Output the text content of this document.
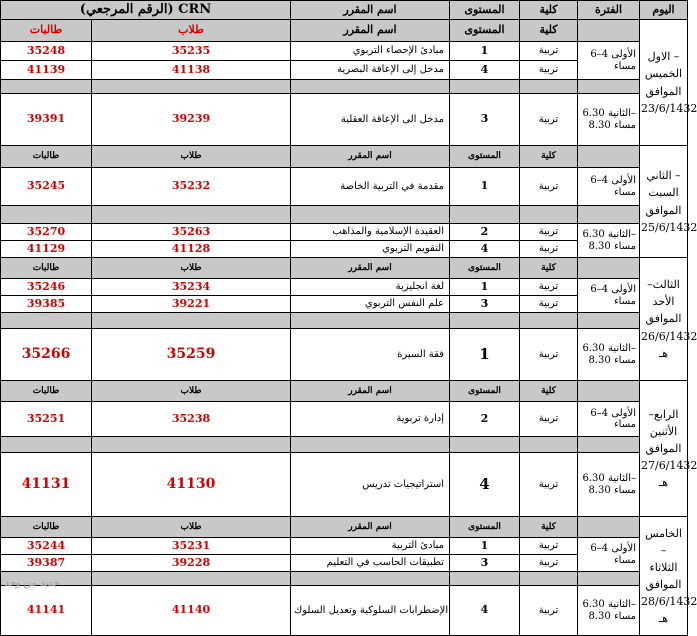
(الرقم المرجعي) CRN		اسم المقرر	المستوى	كلية	الفترة	اليوم
طالبات	طلاب	اسم المقرر	المستوى	كلية		الاول –
الخميس
الموافق
23/6/1432

35248	35235	مبادئ الإحصاء التربوي	1	تربية	الأولى 4–6
مساء	

41139	41138	مدخل إلى الإعاقة البصرية	4	تربية		

39391	39239	مدخل الى الإعاقة العقلية	3	تربية	الثانية 6.30–
8.30 مساء	

طالبات	طلاب	اسم المقرر	المستوى	كلية		الثاني –
السبت
الموافق
25/6/1432

35245	35232	مقدمة في التربية الخاصة	1	تربية	الأولى 4–6
مساء	

35270	35263	العقيدة الإسلامية والمذاهب	2	تربية	الثانية 6.30–
8.30 مساء	

41129	41128	التقويم التربوي	4	تربية		
طالبات	طلاب	اسم المقرر	المستوى	كلية		الثالث– الأحد
الموافق
26/6/1432
هـ

35246	35234	لغة انجليزية	1	تربية	الأولى 4–6
مساء	

39385	39221	علم النفس التربوي	3	تربية		

35266	35259	فقة السيرة	1	تربية	الثانية 6.30–
8.30 مساء	

طالبات	طلاب	اسم المقرر	المستوى	كلية		الرابع– الأثنين
الموافق
27/6/1432
هـ

35251	35238	إدارة تربوية	2	تربية	الأولى 4–6
مساء	

41131	41130	استراتيجيات تدريس	4	تربية	الثانية 6.30–
8.30 مساء	

طالبات	طلاب	اسم المقرر	المستوى	كلية		الخامس –
الثلاثاء
الموافق
28/6/1432
هـ

35244	35231	مبادئ التربية	1	تربية	الأولى 4–6
مساء	

39387	39228	تطبيقات الحاسب في التعليم	3	تربية		

41141	41140	الإضطرابات السلوكية وتعديل السلوك	4	تربية	الثانية 6.30–
8.30 مساء	
جديد من وجد
